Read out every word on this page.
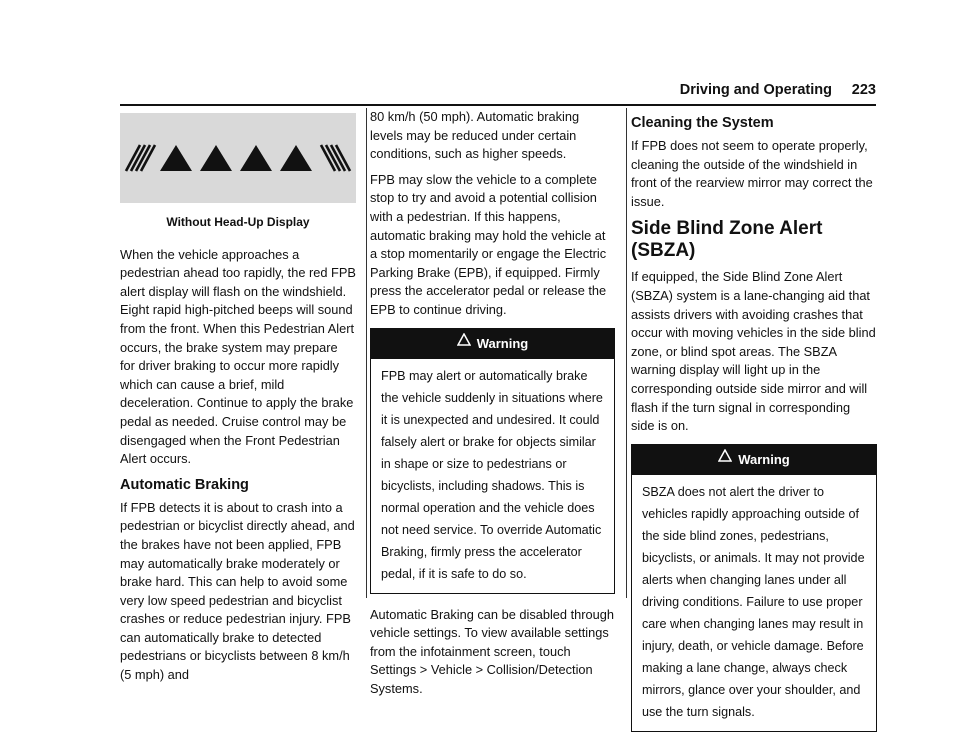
Driving and Operating 223
Without Head-Up Display

When the vehicle approaches a pedestrian ahead too rapidly, the red FPB alert display will flash on the windshield. Eight rapid high-pitched beeps will sound from the front. When this Pedestrian Alert occurs, the brake system may prepare for driver braking to occur more rapidly which can cause a brief, mild deceleration. Continue to apply the brake pedal as needed. Cruise control may be disengaged when the Front Pedestrian Alert occurs.

Automatic Braking

If FPB detects it is about to crash into a pedestrian or bicyclist directly ahead, and the brakes have not been applied, FPB may automatically brake moderately or brake hard. This can help to avoid some very low speed pedestrian and bicyclist crashes or reduce pedestrian injury. FPB can automatically brake to detected pedestrians or bicyclists between 8 km/h (5 mph) and

80 km/h (50 mph). Automatic braking levels may be reduced under certain conditions, such as higher speeds.

FPB may slow the vehicle to a complete stop to try and avoid a potential collision with a pedestrian. If this happens, automatic braking may hold the vehicle at a stop momentarily or engage the Electric Parking Brake (EPB), if equipped. Firmly press the accelerator pedal or release the EPB to continue driving.

Warning
FPB may alert or automatically brake the vehicle suddenly in situations where it is unexpected and undesired. It could falsely alert or brake for objects similar in shape or size to pedestrians or bicyclists, including shadows. This is normal operation and the vehicle does not need service. To override Automatic Braking, firmly press the accelerator pedal, if it is safe to do so.

Automatic Braking can be disabled through vehicle settings. To view available settings from the infotainment screen, touch Settings > Vehicle > Collision/Detection Systems.

Cleaning the System

If FPB does not seem to operate properly, cleaning the outside of the windshield in front of the rearview mirror may correct the issue.

Side Blind Zone Alert (SBZA)

If equipped, the Side Blind Zone Alert (SBZA) system is a lane-changing aid that assists drivers with avoiding crashes that occur with moving vehicles in the side blind zone, or blind spot areas. The SBZA warning display will light up in the corresponding outside side mirror and will flash if the turn signal in corresponding side is on.

Warning
SBZA does not alert the driver to vehicles rapidly approaching outside of the side blind zones, pedestrians, bicyclists, or animals. It may not provide alerts when changing lanes under all driving conditions. Failure to use proper care when changing lanes may result in injury, death, or vehicle damage. Before making a lane change, always check mirrors, glance over your shoulder, and use the turn signals.
